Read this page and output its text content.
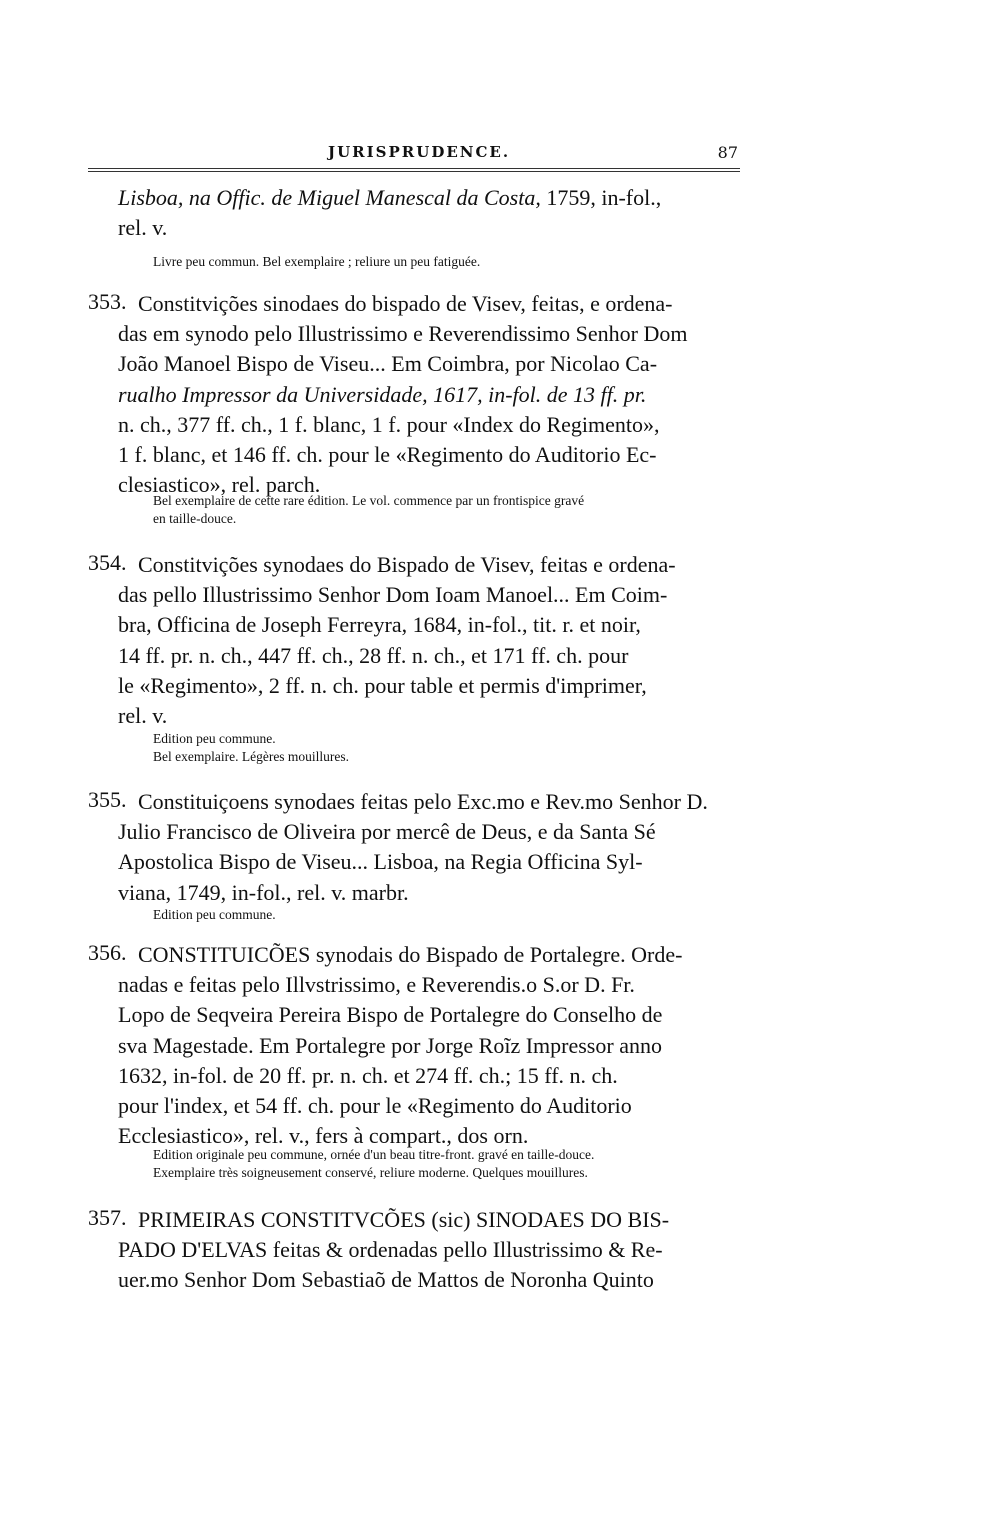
JURISPRUDENCE.	87
Lisboa, na Offic. de Miguel Manescal da Costa, 1759, in-fol.,
rel. v.
Livre peu commun. Bel exemplaire ; reliure un peu fatiguée.
353. Constitvições sinodaes do bispado de Visev, feitas, e ordena-
das em synodo pelo Illustrissimo e Reverendissimo Senhor Dom
João Manoel Bispo de Viseu... Em Coimbra, por Nicolao Ca-
rualho Impressor da Universidade, 1617, in-fol. de 13 ff. pr.
n. ch., 377 ff. ch., 1 f. blanc, 1 f. pour «Index do Regimento»,
1 f. blanc, et 146 ff. ch. pour le «Regimento do Auditorio Ec-
clesiastico», rel. parch.
Bel exemplaire de cette rare édition. Le vol. commence par un frontispice gravé
en taille-douce.
354. Constitvições synodaes do Bispado de Visev, feitas e ordena-
das pello Illustrissimo Senhor Dom Ioam Manoel... Em Coim-
bra, Officina de Joseph Ferreyra, 1684, in-fol., tit. r. et noir,
14 ff. pr. n. ch., 447 ff. ch., 28 ff. n. ch., et 171 ff. ch. pour
le «Regimento», 2 ff. n. ch. pour table et permis d'imprimer,
rel. v.
Edition peu commune.
Bel exemplaire. Légères mouillures.
355. Constituiçoens synodaes feitas pelo Exc.mo e Rev.mo Senhor D.
Julio Francisco de Oliveira por mercê de Deus, e da Santa Sé
Apostolica Bispo de Viseu... Lisboa, na Regia Officina Syl-
viana, 1749, in-fol., rel. v. marbr.
Edition peu commune.
356. CONSTITUICÕES synodais do Bispado de Portalegre. Orde-
nadas e feitas pelo Illvstrissimo, e Reverendis.o S.or D. Fr.
Lopo de Seqveira Pereira Bispo de Portalegre do Conselho de
sva Magestade. Em Portalegre por Jorge Roĩz Impressor anno
1632, in-fol. de 20 ff. pr. n. ch. et 274 ff. ch.; 15 ff. n. ch.
pour l'index, et 54 ff. ch. pour le «Regimento do Auditorio
Ecclesiastico», rel. v., fers à compart., dos orn.
Edition originale peu commune, ornée d'un beau titre-front. gravé en taille-douce.
Exemplaire très soigneusement conservé, reliure moderne. Quelques mouillures.
357. PRIMEIRAS CONSTITVCÕES (sic) SINODAES DO BIS-
PADO D'ELVAS feitas & ordenadas pello Illustrissimo & Re-
uer.mo Senhor Dom Sebastiaõ de Mattos de Noronha Quinto
